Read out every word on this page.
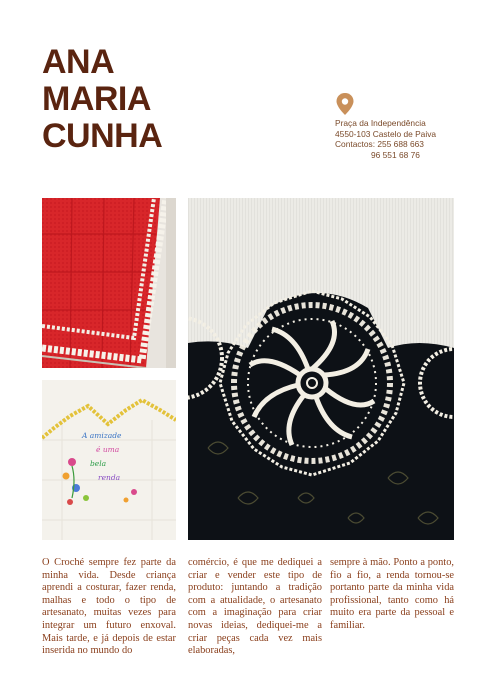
ANA
MARIA
CUNHA	Praça da Independência
4550-103 Castelo de Paiva
Contactos: 255 688 663
96 551 68 76
A amizade
é uma
bela
renda
O Croché sempre fez parte da minha vida. Desde criança aprendi a costurar, fazer renda, malhas e todo o tipo de artesanato, muitas vezes para integrar um futuro enxoval. Mais tarde, e já depois de estar inserida no mundo do
comércio, é que me dediquei a criar e vender este tipo de produto: juntando a tradição com a atualidade, o artesanato com a imaginação para criar novas ideias, dediquei-me a criar peças cada vez mais elaboradas,
sempre à mão. Ponto a ponto, fio a fio, a renda tornou-se portanto parte da minha vida profissional, tanto como há muito era parte da pessoal e familiar.
